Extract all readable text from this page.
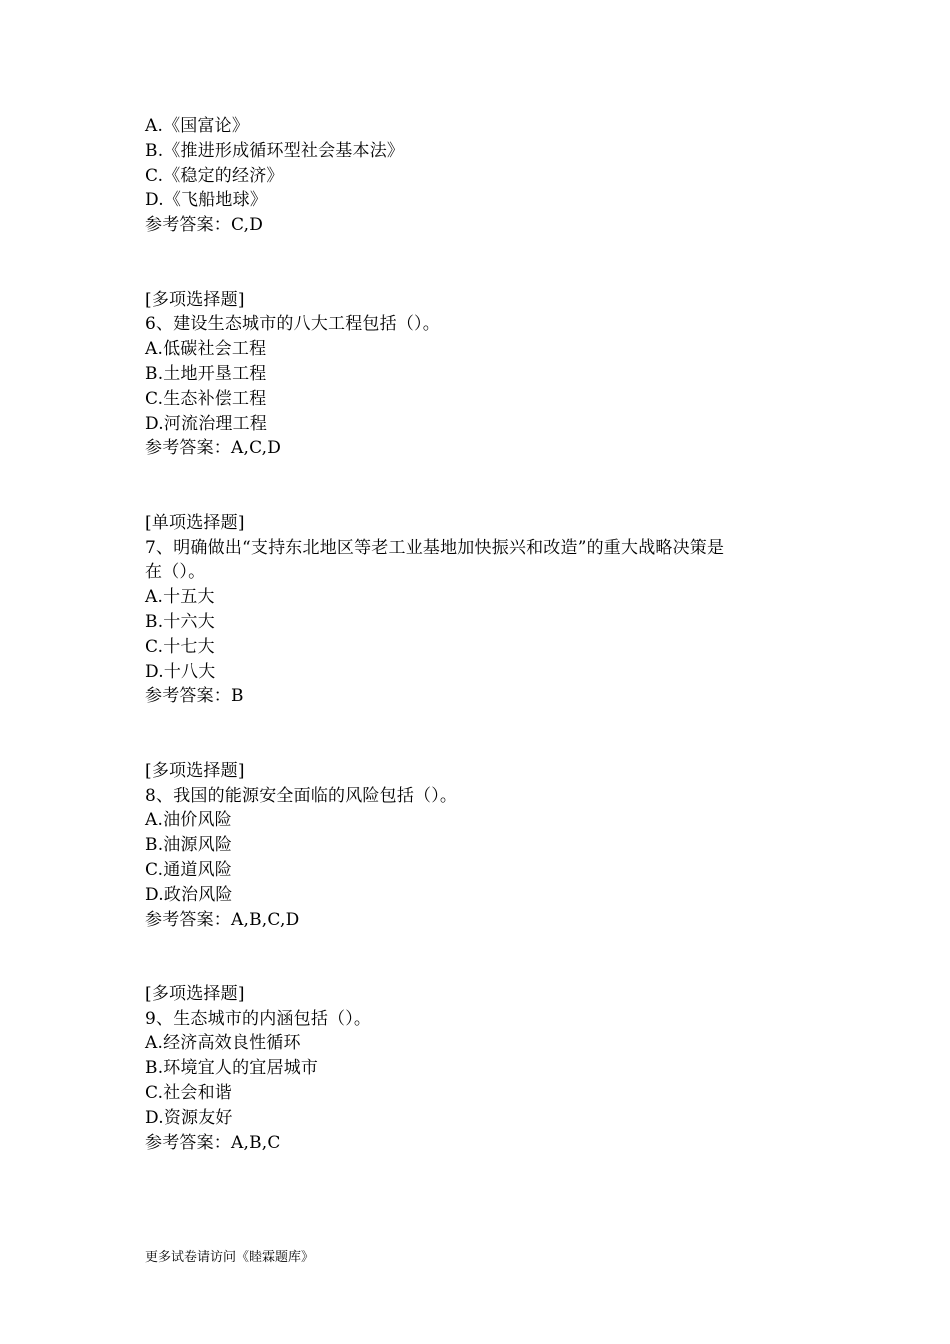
A.《国富论》
B.《推进形成循环型社会基本法》
C.《稳定的经济》
D.《飞船地球》
参考答案：C,D
[多项选择题]
6、建设生态城市的八大工程包括（）。
A.低碳社会工程
B.土地开垦工程
C.生态补偿工程
D.河流治理工程
参考答案：A,C,D
[单项选择题]
7、明确做出“支持东北地区等老工业基地加快振兴和改造”的重大战略决策是
在（）。
A.十五大
B.十六大
C.十七大
D.十八大
参考答案：B
[多项选择题]
8、我国的能源安全面临的风险包括（）。
A.油价风险
B.油源风险
C.通道风险
D.政治风险
参考答案：A,B,C,D
[多项选择题]
9、生态城市的内涵包括（）。
A.经济高效良性循环
B.环境宜人的宜居城市
C.社会和谐
D.资源友好
参考答案：A,B,C
更多试卷请访问《睦霖题库》
